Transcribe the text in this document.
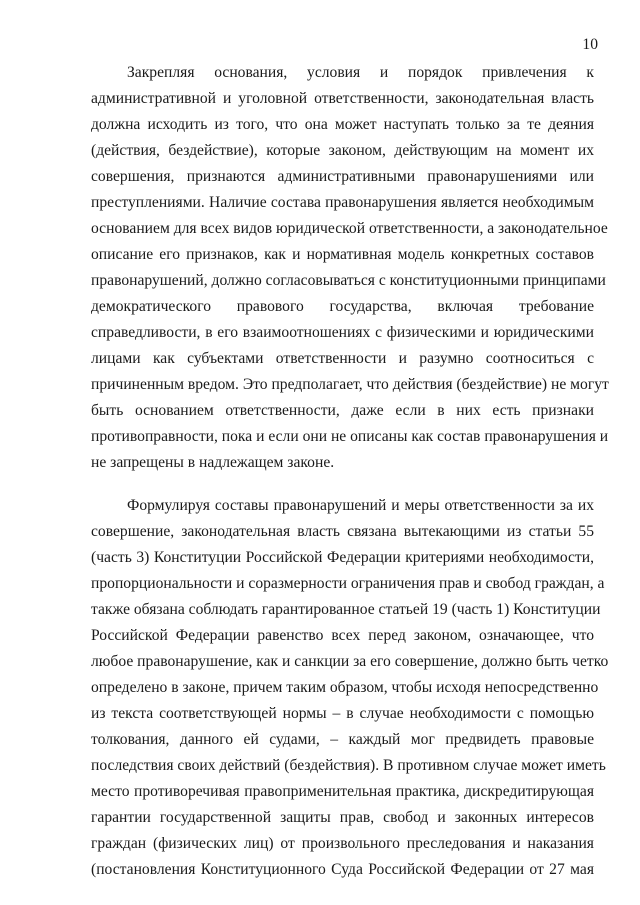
10
Закрепляя основания, условия и порядок привлечения к
административной и уголовной ответственности, законодательная власть
должна исходить из того, что она может наступать только за те деяния
(действия, бездействие), которые законом, действующим на момент их
совершения, признаются административными правонарушениями или
преступлениями. Наличие состава правонарушения является необходимым
основанием для всех видов юридической ответственности, а законодательное
описание его признаков, как и нормативная модель конкретных составов
правонарушений, должно согласовываться с конституционными принципами
демократического правового государства, включая требование
справедливости, в его взаимоотношениях с физическими и юридическими
лицами как субъектами ответственности и разумно соотноситься с
причиненным вредом. Это предполагает, что действия (бездействие) не могут
быть основанием ответственности, даже если в них есть признаки
противоправности, пока и если они не описаны как состав правонарушения и
не запрещены в надлежащем законе.
Формулируя составы правонарушений и меры ответственности за их
совершение, законодательная власть связана вытекающими из статьи 55
(часть 3) Конституции Российской Федерации критериями необходимости,
пропорциональности и соразмерности ограничения прав и свобод граждан, а
также обязана соблюдать гарантированное статьей 19 (часть 1) Конституции
Российской Федерации равенство всех перед законом, означающее, что
любое правонарушение, как и санкции за его совершение, должно быть четко
определено в законе, причем таким образом, чтобы исходя непосредственно
из текста соответствующей нормы – в случае необходимости с помощью
толкования, данного ей судами, – каждый мог предвидеть правовые
последствия своих действий (бездействия). В противном случае может иметь
место противоречивая правоприменительная практика, дискредитирующая
гарантии государственной защиты прав, свобод и законных интересов
граждан (физических лиц) от произвольного преследования и наказания
(постановления Конституционного Суда Российской Федерации от 27 мая
